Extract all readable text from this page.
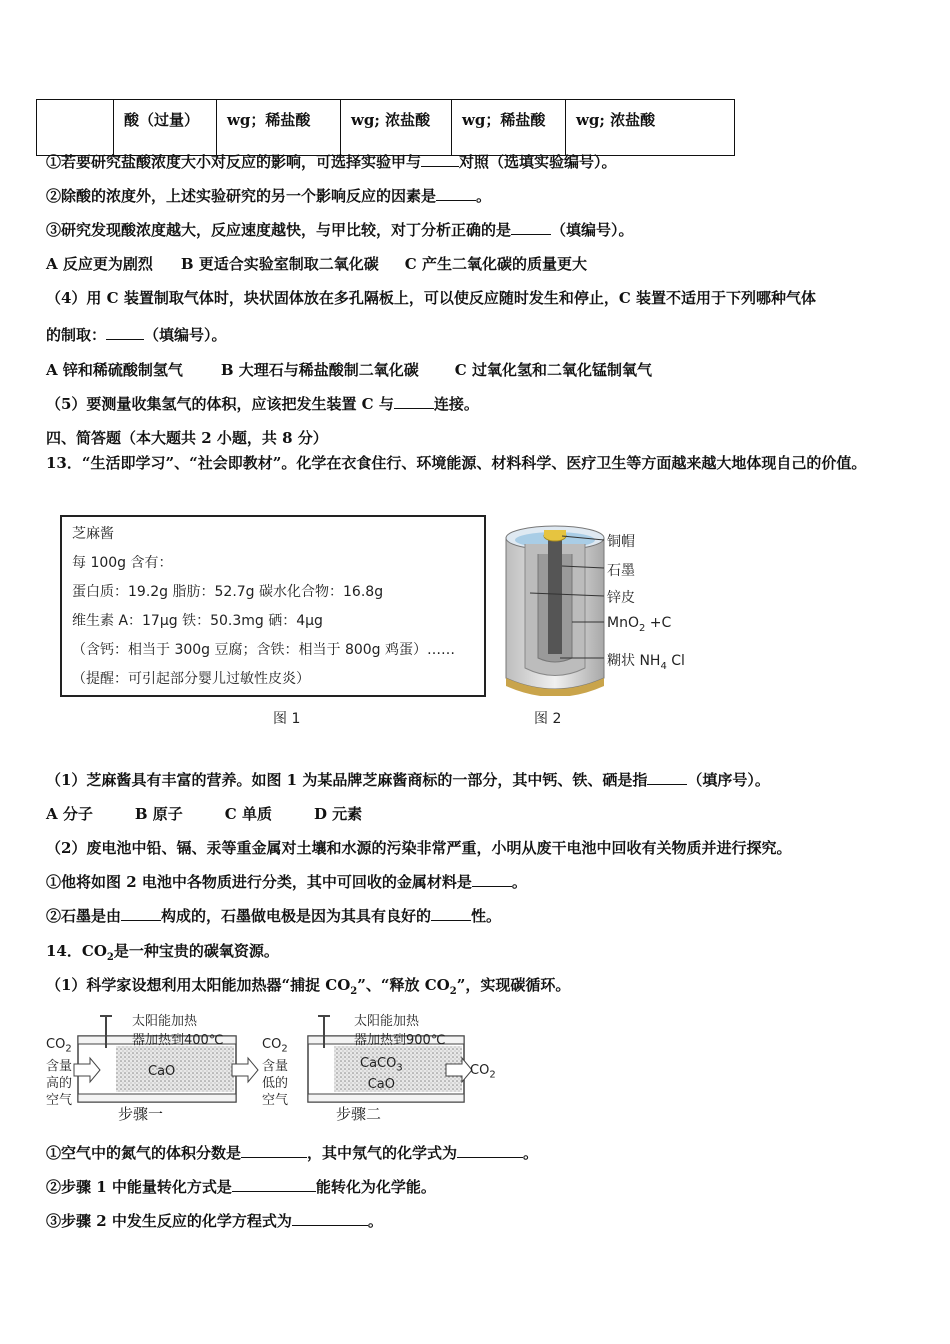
	酸（过量）	wg；稀盐酸	wg; 浓盐酸	wg；稀盐酸	wg; 浓盐酸
①若要研究盐酸浓度大小对反应的影响，可选择实验甲与	对照（选填实验编号）。
②除酸的浓度外，上述实验研究的另一个影响反应的因素是	。
③研究发现酸浓度越大，反应速度越快，与甲比较，对丁分析正确的是	（填编号）。
A 反应更为剧烈 B 更适合实验室制取二氧化碳 C 产生二氧化碳的质量更大
（4）用 C 装置制取气体时，块状固体放在多孔隔板上，可以使反应随时发生和停止，C 装置不适用于下列哪种气体
的制取：	（填编号）。
A 锌和稀硫酸制氢气	B 大理石与稀盐酸制二氧化碳 C 过氧化氢和二氧化锰制氧气
（5）要测量收集氢气的体积，应该把发生装置 C 与	连接。
四、简答题（本大题共 2 小题，共 8 分）
13．“生活即学习”、“社会即教材”。化学在衣食住行、环境能源、材料科学、医疗卫生等方面越来越大地体现自己的价值。
芝麻酱
每 100g 含有：
蛋白质：19.2g 脂肪：52.7g 碳水化合物：16.8g
维生素 A：17μg 铁：50.3mg 硒：4μg
（含钙：相当于 300g 豆腐；含铁：相当于 800g 鸡蛋）……
（提醒：可引起部分婴儿过敏性皮炎）
铜帽
石墨
锌皮
MnO$_2$ +C
糊状 $NH_4$ Cl
图 1	图 2
（1）芝麻酱具有丰富的营养。如图 1 为某品牌芝麻酱商标的一部分，其中钙、铁、硒是指	（填序号）。
A 分子	B 原子	C 单质	D 元素
（2）废电池中铅、镉、汞等重金属对土壤和水源的污染非常严重，小明从废干电池中回收有关物质并进行探究。
①他将如图 2 电池中各物质进行分类，其中可回收的金属材料是	。
②石墨是由	构成的，石墨做电极是因为其具有良好的	性。
14．$CO_2$是一种宝贵的碳氧资源。
（1）科学家设想利用太阳能加热器“捕捉 $CO_2$”、“释放 $CO_2$”，实现碳循环。
太阳能加热
器加热到400℃
太阳能加热
器加热到900℃
$CO_2$
含量
高的
空气
$CO_2$
含量
低的
空气
CaO
CaCO$_3$
CaO
$CO_2$
步骤一	步骤二
①空气中的氮气的体积分数是	，其中氖气的化学式为	。
②步骤 1 中能量转化方式是	能转化为化学能。
③步骤 2 中发生反应的化学方程式为	。
